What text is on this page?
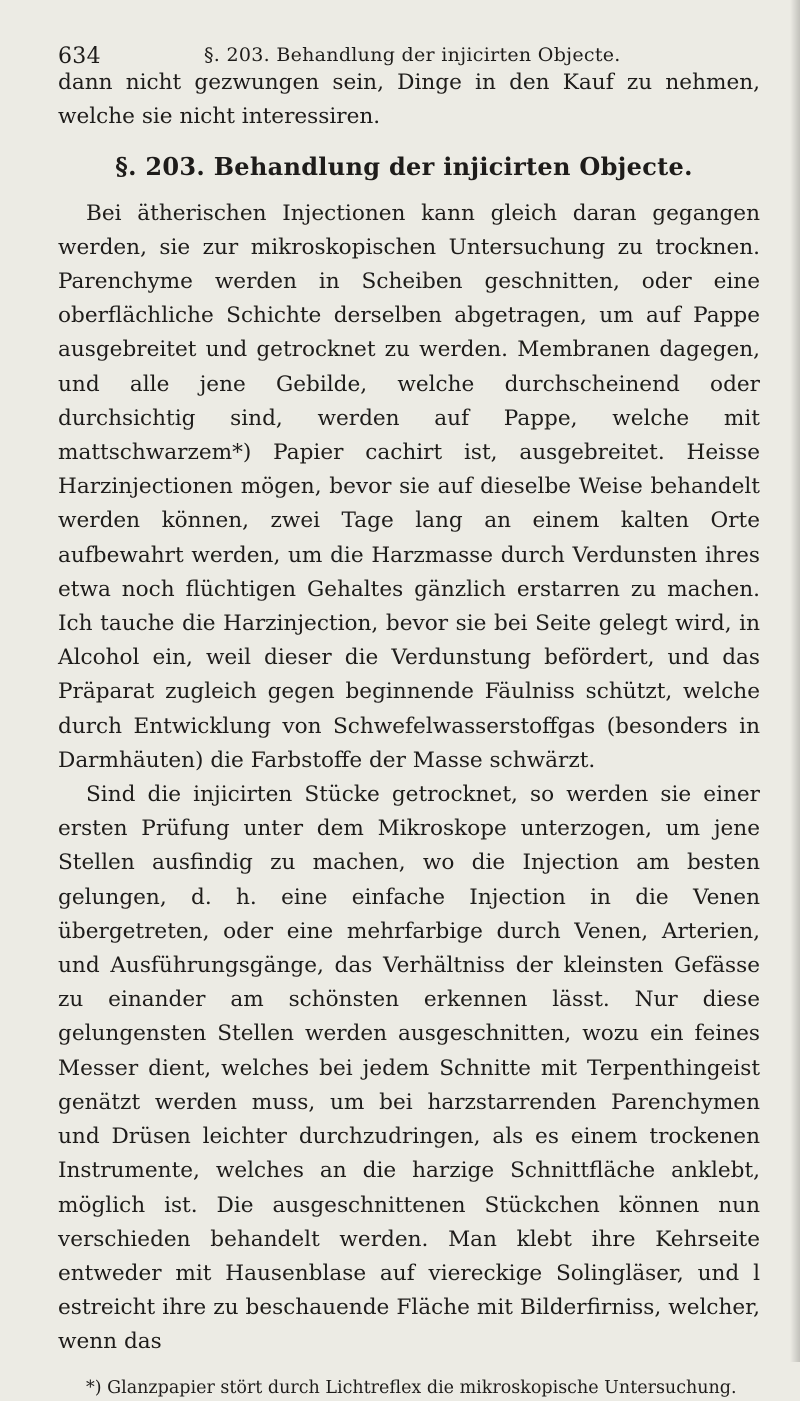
634	§. 203. Behandlung der injicirten Objecte.

dann nicht gezwungen sein, Dinge in den Kauf zu nehmen, welche sie nicht interessiren.

§. 203. Behandlung der injicirten Objecte.

Bei ätherischen Injectionen kann gleich daran gegangen werden, sie zur mikroskopischen Untersuchung zu trocknen. Parenchyme werden in Scheiben geschnitten, oder eine oberflächliche Schichte derselben abgetragen, um auf Pappe ausgebreitet und getrocknet zu werden. Membranen dagegen, und alle jene Gebilde, welche durchscheinend oder durchsichtig sind, werden auf Pappe, welche mit mattschwarzem*) Papier cachirt ist, ausgebreitet. Heisse Harzinjectionen mögen, bevor sie auf dieselbe Weise behandelt werden können, zwei Tage lang an einem kalten Orte aufbewahrt werden, um die Harzmasse durch Verdunsten ihres etwa noch flüchtigen Gehaltes gänzlich erstarren zu machen. Ich tauche die Harzinjection, bevor sie bei Seite gelegt wird, in Alcohol ein, weil dieser die Verdunstung befördert, und das Präparat zugleich gegen beginnende Fäulniss schützt, welche durch Entwicklung von Schwefelwasserstoffgas (besonders in Darmhäuten) die Farbstoffe der Masse schwärzt.

Sind die injicirten Stücke getrocknet, so werden sie einer ersten Prüfung unter dem Mikroskope unterzogen, um jene Stellen ausfindig zu machen, wo die Injection am besten gelungen, d. h. eine einfache Injection in die Venen übergetreten, oder eine mehrfarbige durch Venen, Arterien, und Ausführungsgänge, das Verhältniss der kleinsten Gefässe zu einander am schönsten erkennen lässt. Nur diese gelungensten Stellen werden ausgeschnitten, wozu ein feines Messer dient, welches bei jedem Schnitte mit Terpenthingeist genätzt werden muss, um bei harzstarrenden Parenchymen und Drüsen leichter durchzudringen, als es einem trockenen Instrumente, welches an die harzige Schnittfläche anklebt, möglich ist. Die ausgeschnittenen Stückchen können nun verschieden behandelt werden. Man klebt ihre Kehrseite entweder mit Hausenblase auf viereckige Solingläser, und l estreicht ihre zu beschauende Fläche mit Bilderfirniss, welcher, wenn das

*) Glanzpapier stört durch Lichtreflex die mikroskopische Untersuchung.
